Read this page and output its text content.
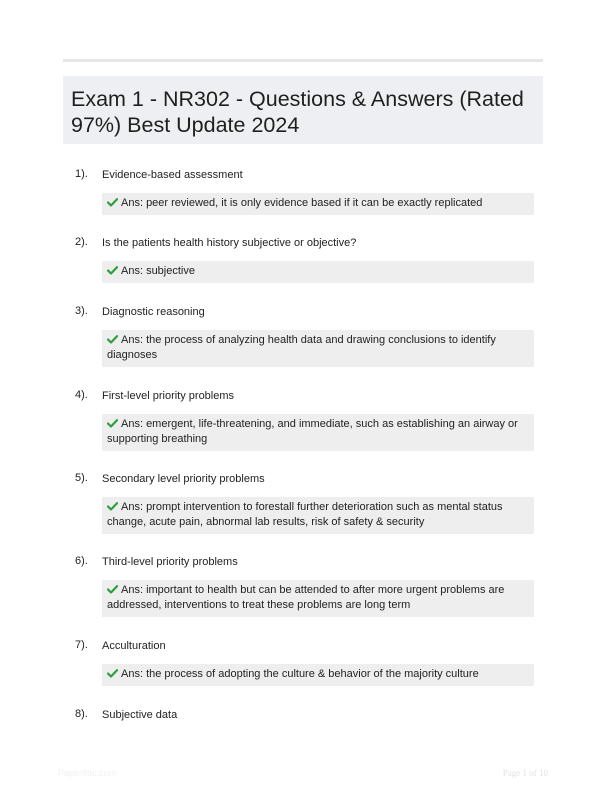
Exam 1 - NR302 - Questions & Answers (Rated 97%) Best Update 2024
1). Evidence-based assessment
Ans: peer reviewed, it is only evidence based if it can be exactly replicated
2). Is the patients health history subjective or objective?
Ans: subjective
3). Diagnostic reasoning
Ans: the process of analyzing health data and drawing conclusions to identify diagnoses
4). First-level priority problems
Ans: emergent, life-threatening, and immediate, such as establishing an airway or supporting breathing
5). Secondary level priority problems
Ans: prompt intervention to forestall further deterioration such as mental status change, acute pain, abnormal lab results, risk of safety & security
6). Third-level priority problems
Ans: important to health but can be attended to after more urgent problems are addressed, interventions to treat these problems are long term
7). Acculturation
Ans: the process of adopting the culture & behavior of the majority culture
8). Subjective data
Paper8ttc.com	Page 1 of 10
